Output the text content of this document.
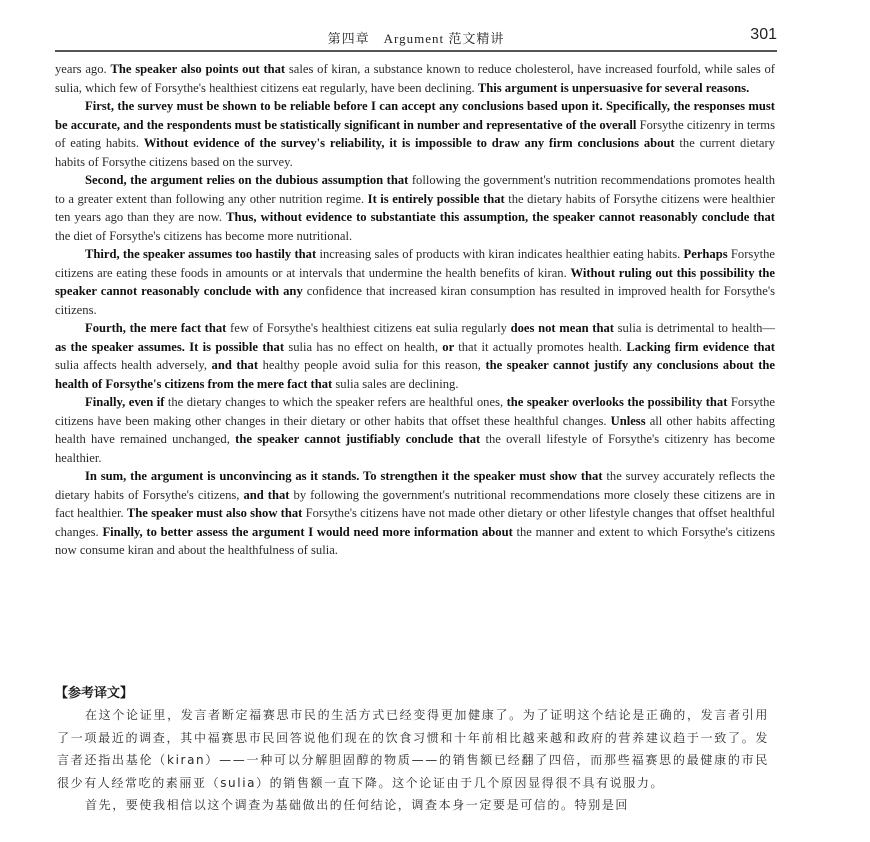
第四章　Argument 范文精讲	301

years ago. The speaker also points out that sales of kiran, a substance known to reduce cholesterol, have increased fourfold, while sales of sulia, which few of Forsythe's healthiest citizens eat regularly, have been declining. This argument is unpersuasive for several reasons.

First, the survey must be shown to be reliable before I can accept any conclusions based upon it. Specifically, the responses must be accurate, and the respondents must be statistically significant in number and representative of the overall Forsythe citizenry in terms of eating habits. Without evidence of the survey's reliability, it is impossible to draw any firm conclusions about the current dietary habits of Forsythe citizens based on the survey.

Second, the argument relies on the dubious assumption that following the government's nutrition recommendations promotes health to a greater extent than following any other nutrition regime. It is entirely possible that the dietary habits of Forsythe citizens were healthier ten years ago than they are now. Thus, without evidence to substantiate this assumption, the speaker cannot reasonably conclude that the diet of Forsythe's citizens has become more nutritional.

Third, the speaker assumes too hastily that increasing sales of products with kiran indicates healthier eating habits. Perhaps Forsythe citizens are eating these foods in amounts or at intervals that undermine the health benefits of kiran. Without ruling out this possibility the speaker cannot reasonably conclude with any confidence that increased kiran consumption has resulted in improved health for Forsythe's citizens.

Fourth, the mere fact that few of Forsythe's healthiest citizens eat sulia regularly does not mean that sulia is detrimental to health—as the speaker assumes. It is possible that sulia has no effect on health, or that it actually promotes health. Lacking firm evidence that sulia affects health adversely, and that healthy people avoid sulia for this reason, the speaker cannot justify any conclusions about the health of Forsythe's citizens from the mere fact that sulia sales are declining.

Finally, even if the dietary changes to which the speaker refers are healthful ones, the speaker overlooks the possibility that Forsythe citizens have been making other changes in their dietary or other habits that offset these healthful changes. Unless all other habits affecting health have remained unchanged, the speaker cannot justifiably conclude that the overall lifestyle of Forsythe's citizenry has become healthier.

In sum, the argument is unconvincing as it stands. To strengthen it the speaker must show that the survey accurately reflects the dietary habits of Forsythe's citizens, and that by following the government's nutritional recommendations more closely these citizens are in fact healthier. The speaker must also show that Forsythe's citizens have not made other dietary or other lifestyle changes that offset healthful changes. Finally, to better assess the argument I would need more information about the manner and extent to which Forsythe's citizens now consume kiran and about the healthfulness of sulia.

【参考译文】

在这个论证里，发言者断定福赛思市民的生活方式已经变得更加健康了。为了证明这个结论是正确的，发言者引用了一项最近的调查，其中福赛思市民回答说他们现在的饮食习惯和十年前相比越来越和政府的营养建议趋于一致了。发言者还指出基伦（kiran）——一种可以分解胆固醇的物质——的销售额已经翻了四倍，而那些福赛思的最健康的市民很少有人经常吃的素丽亚（sulia）的销售额一直下降。这个论证由于几个原因显得很不具有说服力。

首先，要使我相信以这个调查为基础做出的任何结论，调查本身一定要是可信的。特别是回
